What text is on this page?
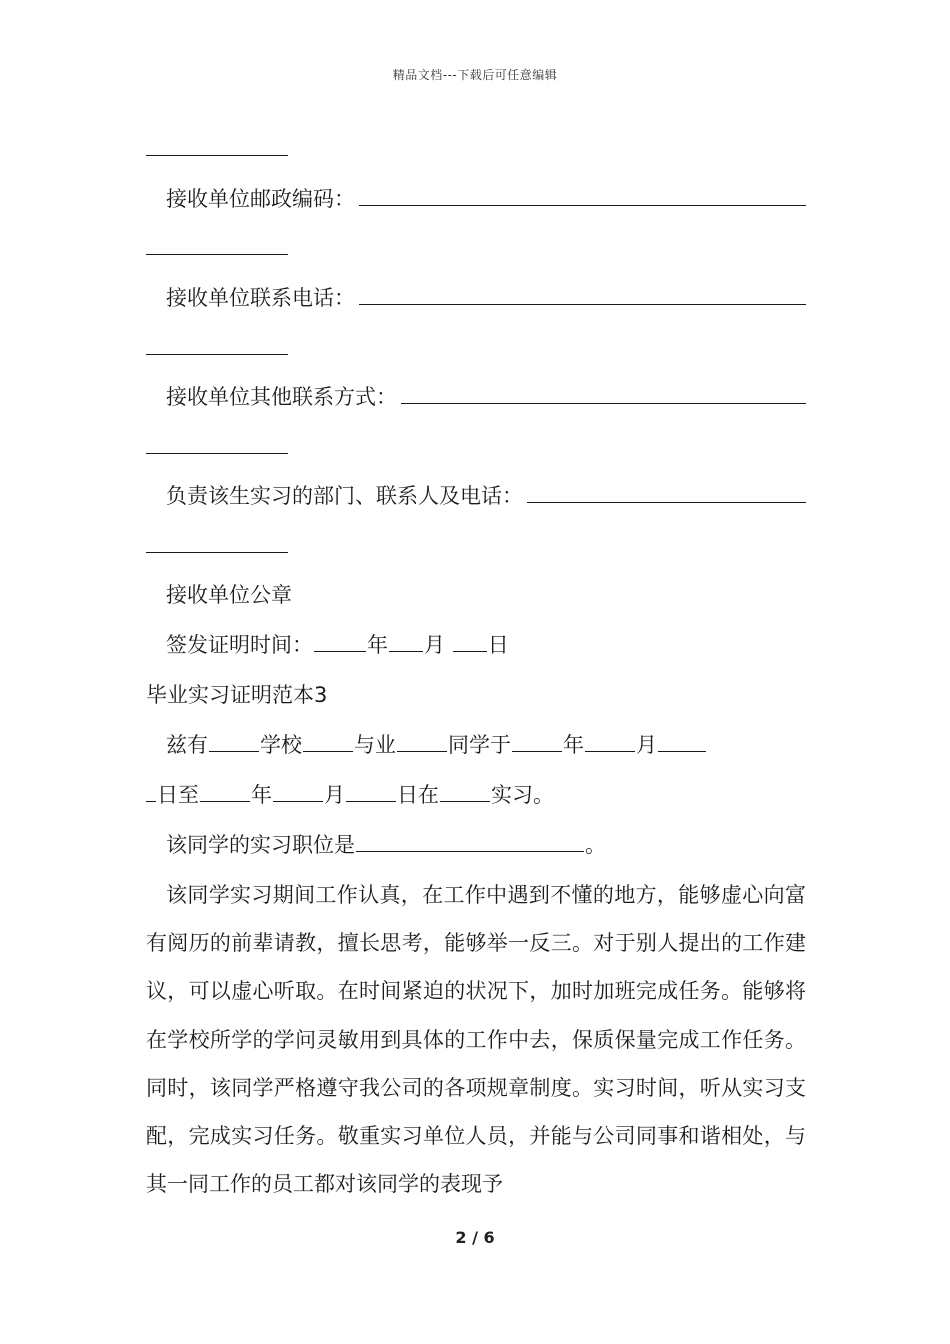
精品文档---下载后可任意编辑
接收单位邮政编码：
接收单位联系电话：
接收单位其他联系方式：
负责该生实习的部门、联系人及电话：
接收单位公章
签发证明时间：	年 月 日
毕业实习证明范本3
兹有 学校 与业 同学于 年 月
日至 年 月 日在 实习。
该同学的实习职位是	。
该同学实习期间工作认真，在工作中遇到不懂的地方，能够虚心向富有阅历的前辈请教，擅长思考，能够举一反三。对于别人提出的工作建议，可以虚心听取。在时间紧迫的状况下，加时加班完成任务。能够将在学校所学的学问灵敏用到具体的工作中去，保质保量完成工作任务。同时，该同学严格遵守我公司的各项规章制度。实习时间，听从实习支配，完成实习任务。敬重实习单位人员，并能与公司同事和谐相处，与其一同工作的员工都对该同学的表现予
2 / 6
